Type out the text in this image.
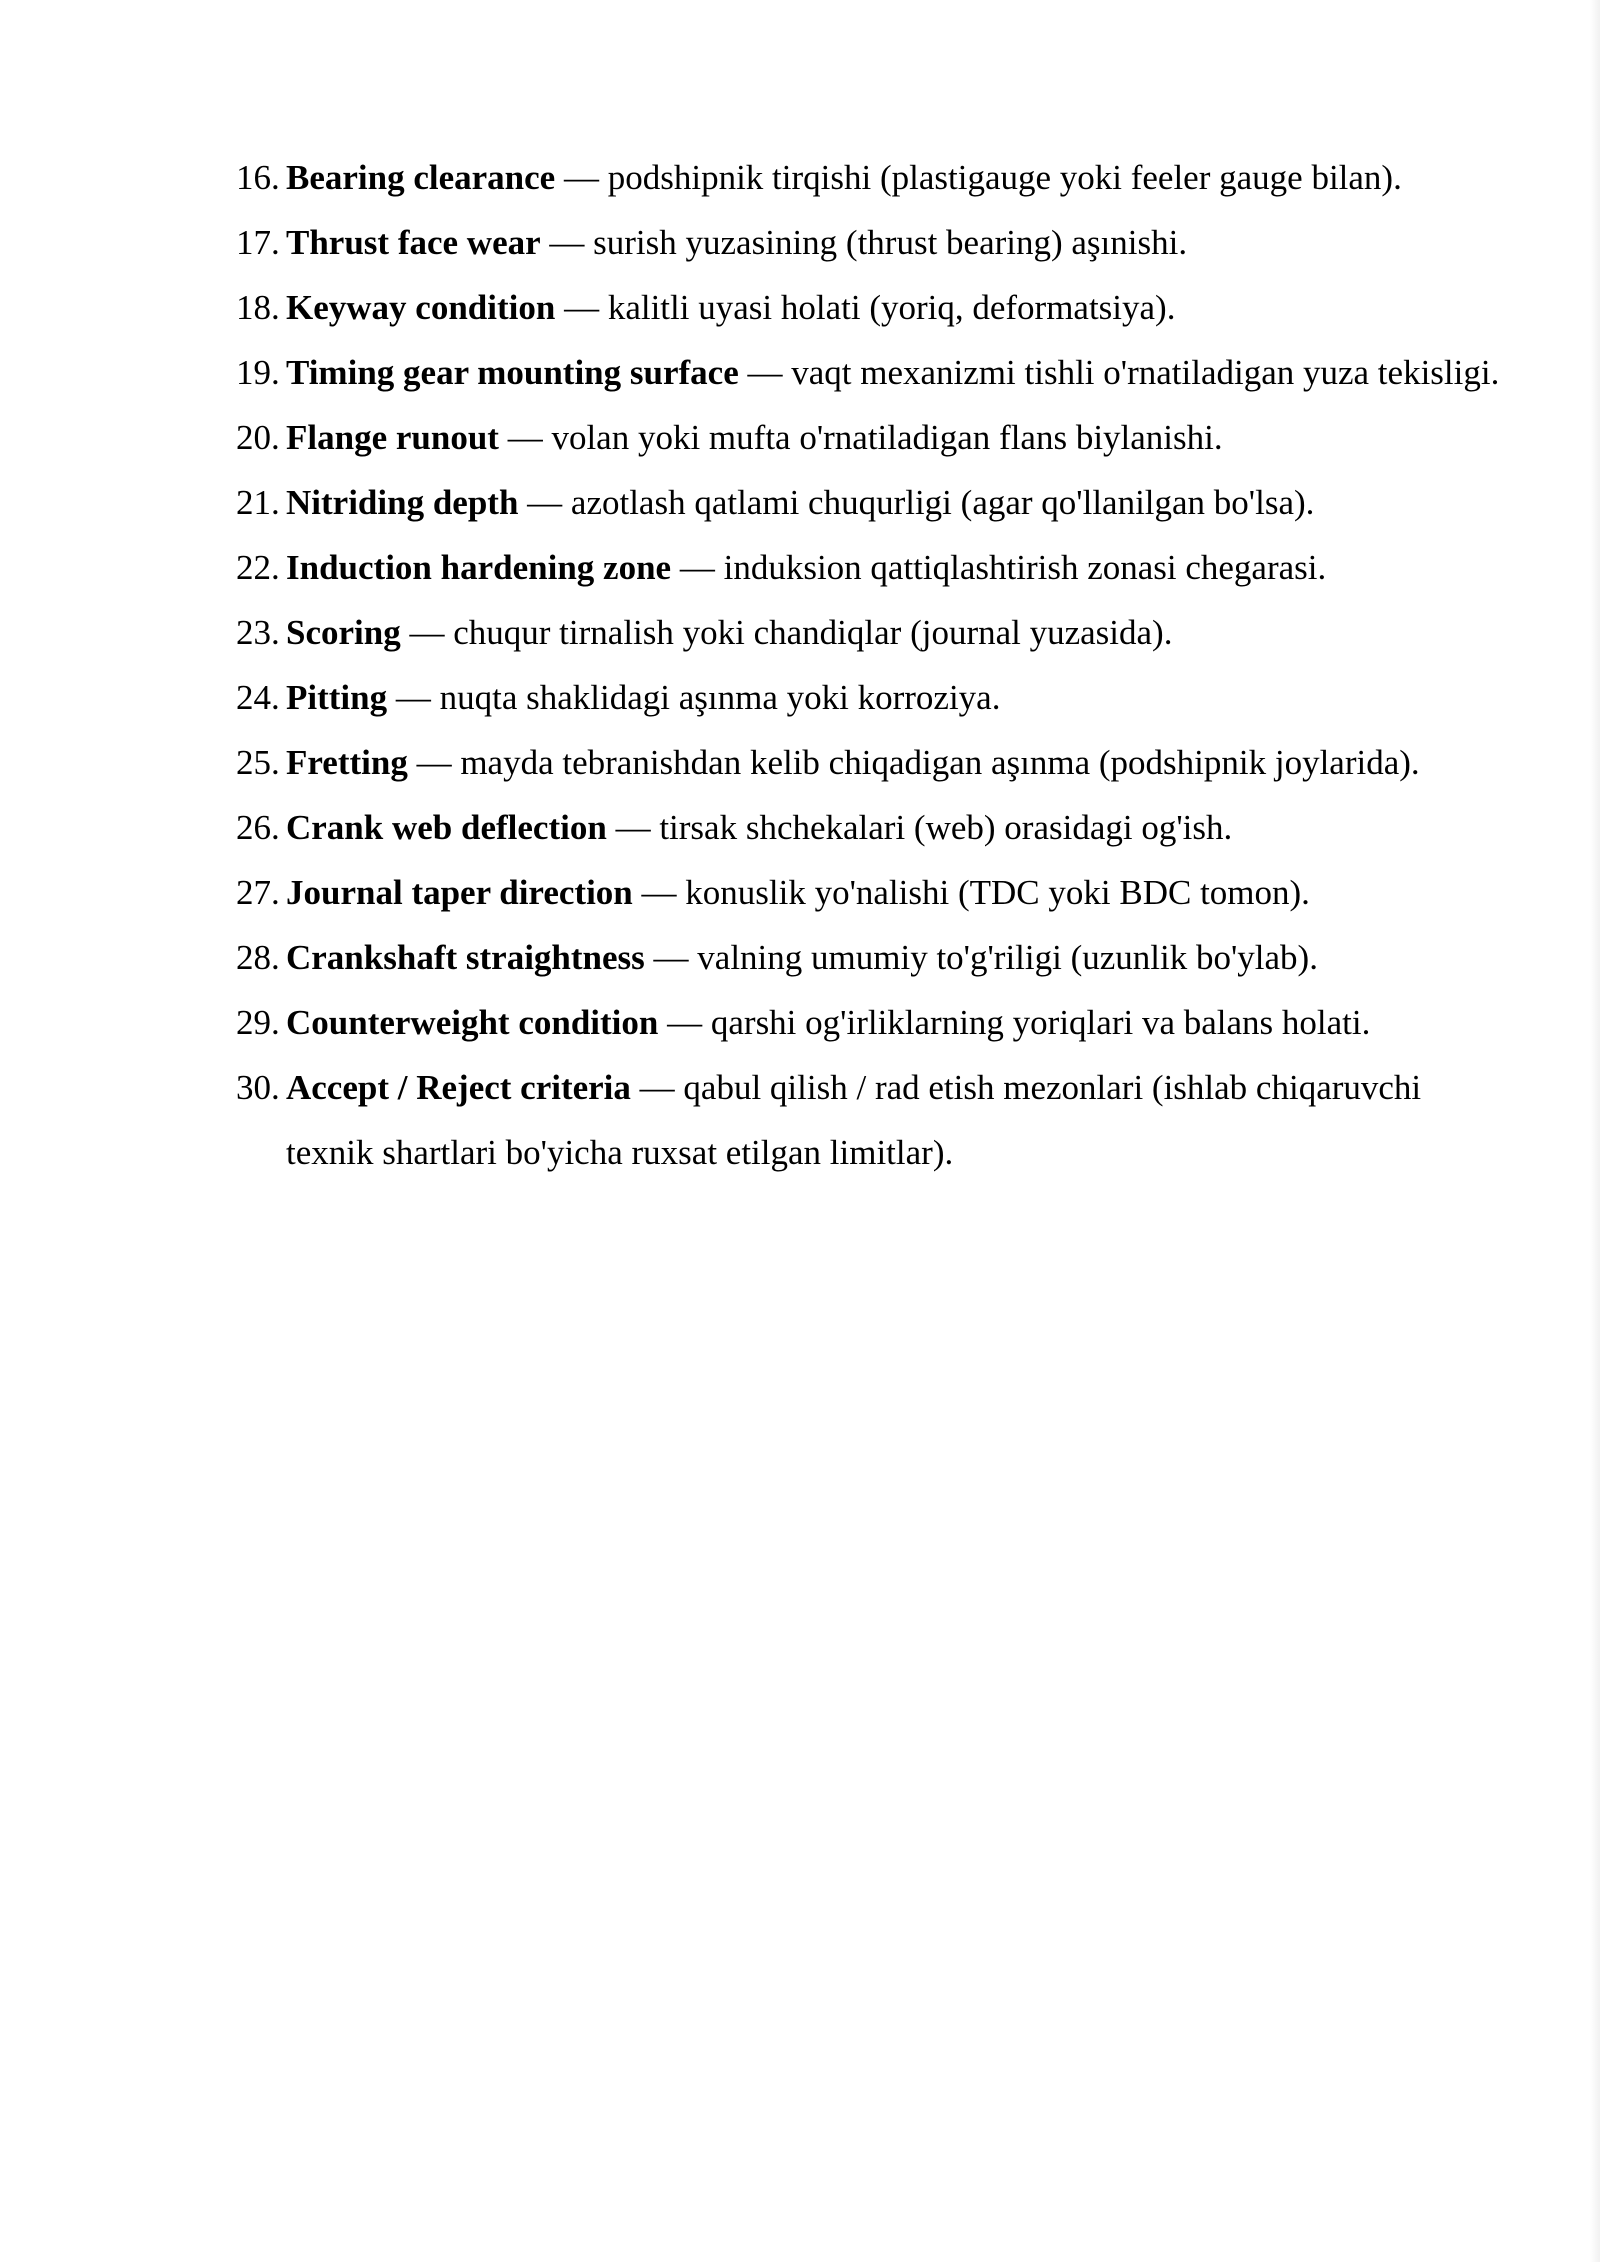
16. Bearing clearance — podshipnik tirqishi (plastigauge yoki feeler gauge bilan).
17. Thrust face wear — surish yuzasining (thrust bearing) aşınishi.
18. Keyway condition — kalitli uyasi holati (yoriq, deformatsiya).
19. Timing gear mounting surface — vaqt mexanizmi tishli o'rnatiladigan yuza tekisligi.
20. Flange runout — volan yoki mufta o'rnatiladigan flans biylanishi.
21. Nitriding depth — azotlash qatlami chuqurligi (agar qo'llanilgan bo'lsa).
22. Induction hardening zone — induksion qattiqlashtirish zonasi chegarasi.
23. Scoring — chuqur tirnalish yoki chandiqlar (journal yuzasida).
24. Pitting — nuqta shaklidagi aşınma yoki korroziya.
25. Fretting — mayda tebranishdan kelib chiqadigan aşınma (podshipnik joylarida).
26. Crank web deflection — tirsak shchekalari (web) orasidagi og'ish.
27. Journal taper direction — konuslik yo'nalishi (TDC yoki BDC tomon).
28. Crankshaft straightness — valning umumiy to'g'riligi (uzunlik bo'ylab).
29. Counterweight condition — qarshi og'irliklarning yoriqlari va balans holati.
30. Accept / Reject criteria — qabul qilish / rad etish mezonlari (ishlab chiqaruvchi texnik shartlari bo'yicha ruxsat etilgan limitlar).
